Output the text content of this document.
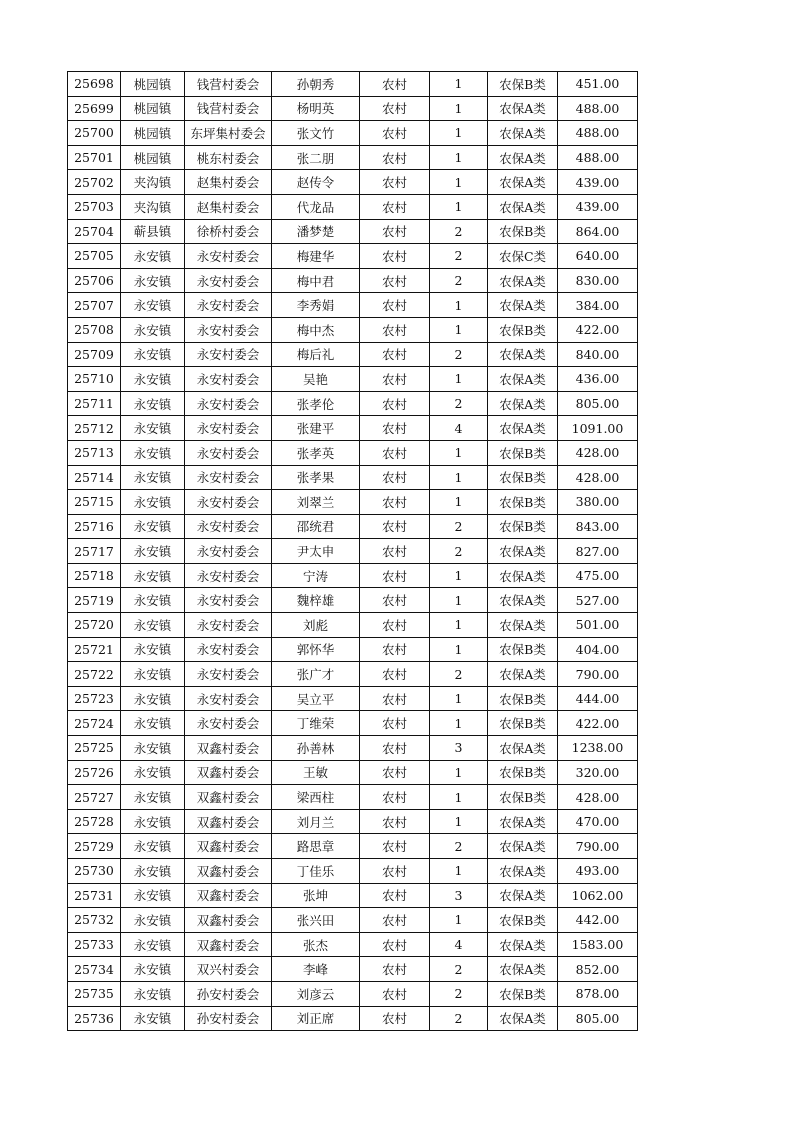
25698	桃园镇	钱营村委会	孙朝秀	农村	1	农保B类	451.00
25699	桃园镇	钱营村委会	杨明英	农村	1	农保A类	488.00
25700	桃园镇	东坪集村委会	张文竹	农村	1	农保A类	488.00
25701	桃园镇	桃东村委会	张二朋	农村	1	农保A类	488.00
25702	夹沟镇	赵集村委会	赵传令	农村	1	农保A类	439.00
25703	夹沟镇	赵集村委会	代龙品	农村	1	农保A类	439.00
25704	蕲县镇	徐桥村委会	潘梦楚	农村	2	农保B类	864.00
25705	永安镇	永安村委会	梅建华	农村	2	农保C类	640.00
25706	永安镇	永安村委会	梅中君	农村	2	农保A类	830.00
25707	永安镇	永安村委会	李秀娟	农村	1	农保A类	384.00
25708	永安镇	永安村委会	梅中杰	农村	1	农保B类	422.00
25709	永安镇	永安村委会	梅后礼	农村	2	农保A类	840.00
25710	永安镇	永安村委会	吴艳	农村	1	农保A类	436.00
25711	永安镇	永安村委会	张孝伦	农村	2	农保A类	805.00
25712	永安镇	永安村委会	张建平	农村	4	农保A类	1091.00
25713	永安镇	永安村委会	张孝英	农村	1	农保B类	428.00
25714	永安镇	永安村委会	张孝果	农村	1	农保B类	428.00
25715	永安镇	永安村委会	刘翠兰	农村	1	农保B类	380.00
25716	永安镇	永安村委会	邵统君	农村	2	农保B类	843.00
25717	永安镇	永安村委会	尹太申	农村	2	农保A类	827.00
25718	永安镇	永安村委会	宁涛	农村	1	农保A类	475.00
25719	永安镇	永安村委会	魏梓雄	农村	1	农保A类	527.00
25720	永安镇	永安村委会	刘彪	农村	1	农保A类	501.00
25721	永安镇	永安村委会	郭怀华	农村	1	农保B类	404.00
25722	永安镇	永安村委会	张广才	农村	2	农保A类	790.00
25723	永安镇	永安村委会	吴立平	农村	1	农保B类	444.00
25724	永安镇	永安村委会	丁维荣	农村	1	农保B类	422.00
25725	永安镇	双鑫村委会	孙善林	农村	3	农保A类	1238.00
25726	永安镇	双鑫村委会	王敏	农村	1	农保B类	320.00
25727	永安镇	双鑫村委会	梁西柱	农村	1	农保B类	428.00
25728	永安镇	双鑫村委会	刘月兰	农村	1	农保A类	470.00
25729	永安镇	双鑫村委会	路思章	农村	2	农保A类	790.00
25730	永安镇	双鑫村委会	丁佳乐	农村	1	农保A类	493.00
25731	永安镇	双鑫村委会	张坤	农村	3	农保A类	1062.00
25732	永安镇	双鑫村委会	张兴田	农村	1	农保B类	442.00
25733	永安镇	双鑫村委会	张杰	农村	4	农保A类	1583.00
25734	永安镇	双兴村委会	李峰	农村	2	农保A类	852.00
25735	永安镇	孙安村委会	刘彦云	农村	2	农保B类	878.00
25736	永安镇	孙安村委会	刘正席	农村	2	农保A类	805.00
